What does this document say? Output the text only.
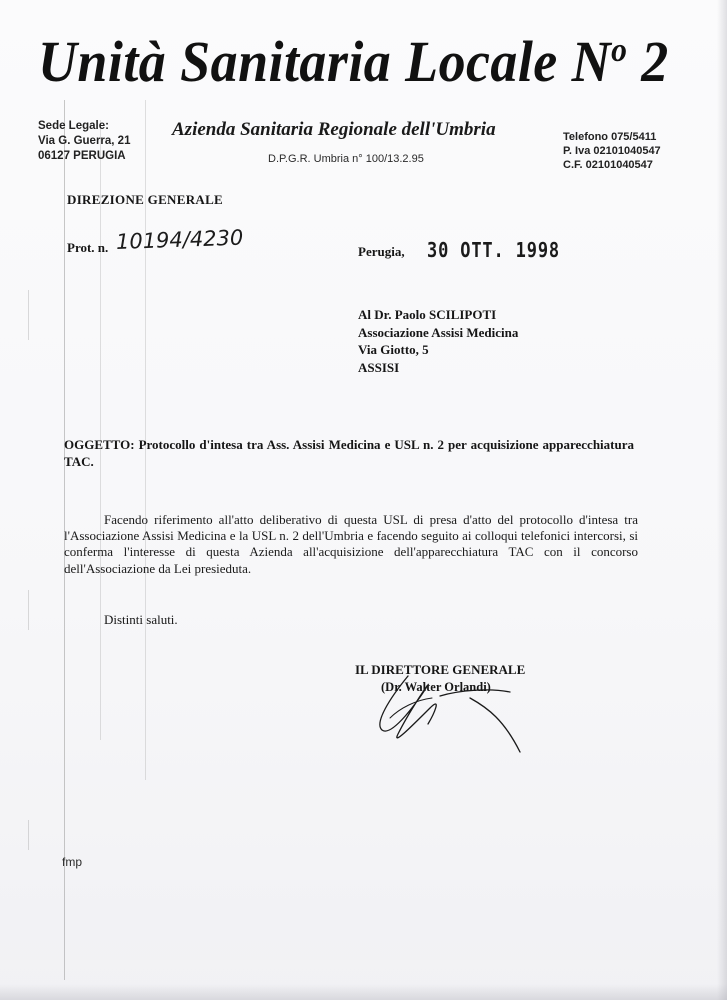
Unità Sanitaria Locale $N^o$ 2
Sede Legale:
Via G. Guerra, 21
06127 PERUGIA
Azienda Sanitaria Regionale dell'Umbria
D.P.G.R. Umbria n° 100/13.2.95
Telefono 075/5411
P. Iva 02101040547
C.F. 02101040547
DIREZIONE GENERALE
Prot. n. 10194/4230	Perugia, 30 OTT. 1998
Al Dr. Paolo SCILIPOTI
Associazione Assisi Medicina
Via Giotto, 5
ASSISI
OGGETTO: Protocollo d'intesa tra Ass. Assisi Medicina e USL n. 2 per acquisizione apparecchiatura TAC.
Facendo riferimento all'atto deliberativo di questa USL di presa d'atto del protocollo d'intesa tra l'Associazione Assisi Medicina e la USL n. 2 dell'Umbria e facendo seguito ai colloqui telefonici intercorsi, si conferma l'interesse di questa Azienda all'acquisizione dell'apparecchiatura TAC con il concorso dell'Associazione da Lei presieduta.
Distinti saluti.
IL DIRETTORE GENERALE
(Dr. Walter Orlandi)
fmp
